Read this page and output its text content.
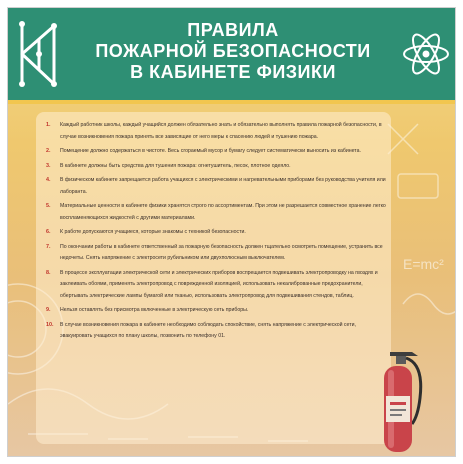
ПРАВИЛА
ПОЖАРНОЙ БЕЗОПАСНОСТИ
В КАБИНЕТЕ ФИЗИКИ
E=mc²
1. Каждый работник школы, каждый учащийся должен обязательно знать и обязательно выполнять правила пожарной безопасности, в случае возникновения пожара принять все зависящие от него меры к спасению людей и тушению пожара.
2. Помещение должно содержаться в чистоте. Весь сгораемый мусор и бумагу следует систематически выносить из кабинета.
3. В кабинете должны быть средства для тушения пожара: огнетушитель, песок, плотное одеяло.
4. В физическом кабинете запрещается работа учащихся с электрическими и нагревательными приборами без руководства учителя или лаборанта.
5. Материальные ценности в кабинете физики хранятся строго по ассортиментам. При этом не разрешается совместное хранение легко воспламеняющихся жидкостей с другими материалами.
6. К работе допускаются учащиеся, которые знакомы с техникой безопасности.
7. По окончании работы в кабинете ответственный за пожарную безопасность должен тщательно осмотреть помещение, устранить все недочеты. Снять напряжение с электросети рубильником или двухполюсным выключателем.
8. В процессе эксплуатации электрической сети и электрических приборов воспрещается подвешивать электропроводку на гвоздях и заклеивать обоями, применять электропровод с поврежденной изоляцией, использовать некалиброванные предохранители, обертывать электрические лампы бумагой или тканью, использовать электропровод для подвешивания стендов, таблиц.
9. Нельзя оставлять без присмотра включенные в электрическую сеть приборы.
10. В случае возникновения пожара в кабинете необходимо соблюдать спокойствие, снять напряжение с электрической сети, эвакуировать учащихся по плану школы, позвонить по телефону 01.
